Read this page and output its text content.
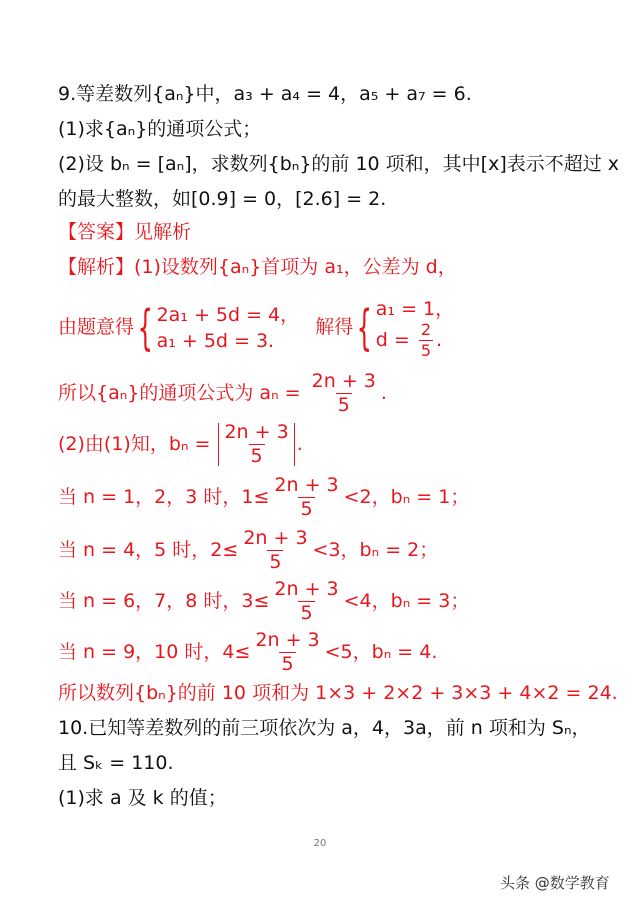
9.等差数列{aₙ}中，a₃ + a₄ = 4，a₅ + a₇ = 6.
(1)求{aₙ}的通项公式；
(2)设 bₙ = [aₙ]，求数列{bₙ}的前 10 项和，其中[x]表示不超过 x
的最大整数，如[0.9] = 0，[2.6] = 2.
【答案】见解析
【解析】(1)设数列{aₙ}首项为 a₁，公差为 d，
由题意得{ 2a₁ + 5d = 4，
a₁ + 5d = 3.
解得{ a₁ = 1，
$d = \frac{2}{5}$ .
所以{aₙ}的通项公式为 $a_n = \frac{2n + 3}{5}$ .
(2)由(1)知，$b_n = \frac{2n + 3}{5}$ .
当 n = 1，2，3 时，$1\le \frac{2n + 3}{5} <2$，bₙ = 1；
当 n = 4，5 时，$2\le \frac{2n + 3}{5} <3$，bₙ = 2；
当 n = 6，7，8 时，$3\le \frac{2n + 3}{5} <4$，bₙ = 3；
当 n = 9，10 时，$4\le \frac{2n + 3}{5} <5$，bₙ = 4.
所以数列{bₙ}的前 10 项和为 1×3 + 2×2 + 3×3 + 4×2 = 24.
10.已知等差数列的前三项依次为 a，4，3a，前 n 项和为 Sₙ，
且 Sₖ = 110.
(1)求 a 及 k 的值；
20
头条 @数学教育
